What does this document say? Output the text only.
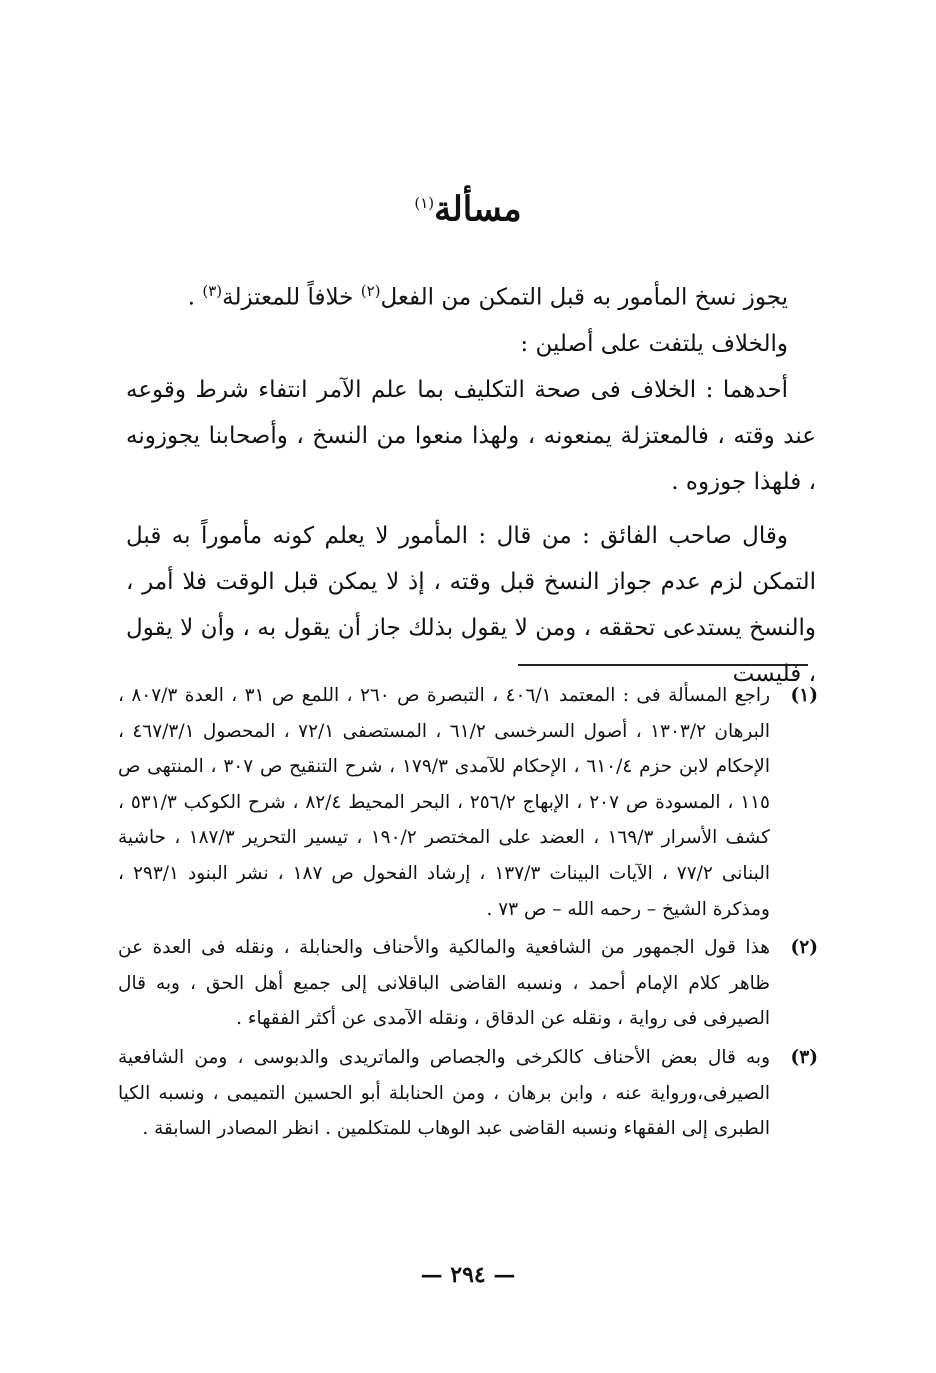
مسألة$^{(١)}$

يجوز نسخ المأمور به قبل التمكن من الفعل$^{(٢)}$ خلافاً للمعتزلة$^{(٣)}$ .

والخلاف يلتفت على أصلين :

أحدهما : الخلاف فى صحة التكليف بما علم الآمر انتفاء شرط وقوعه عند وقته ، فالمعتزلة يمنعونه ، ولهذا منعوا من النسخ ، وأصحابنا يجوزونه ، فلهذا جوزوه .

وقال صاحب الفائق : من قال : المأمور لا يعلم كونه مأموراً به قبل التمكن لزم عدم جواز النسخ قبل وقته ، إذ لا يمكن قبل الوقت فلا أمر ، والنسخ يستدعى تحققه ، ومن لا يقول بذلك جاز أن يقول به ، وأن لا يقول ، فليست

(١)
راجع المسألة فى : المعتمد ٤٠٦/١ ، التبصرة ص ٢٦٠ ، اللمع ص ٣١ ، العدة ٨٠٧/٣ ، البرهان ١٣٠٣/٢ ، أصول السرخسى ٦١/٢ ، المستصفى ٧٢/١ ، المحصول ٤٦٧/٣/١ ، الإحكام لابن حزم ٦١٠/٤ ، الإحكام للآمدى ١٧٩/٣ ، شرح التنقيح ص ٣٠٧ ، المنتهى ص ١١٥ ، المسودة ص ٢٠٧ ، الإبهاج ٢٥٦/٢ ، البحر المحيط ٨٢/٤ ، شرح الكوكب ٥٣١/٣ ، كشف الأسرار ١٦٩/٣ ، العضد على المختصر ١٩٠/٢ ، تيسير التحرير ١٨٧/٣ ، حاشية البنانى ٧٧/٢ ، الآيات البينات ١٣٧/٣ ، إرشاد الفحول ص ١٨٧ ، نشر البنود ٢٩٣/١ ، ومذكرة الشيخ – رحمه الله – ص ٧٣ .
(٢)
هذا قول الجمهور من الشافعية والمالكية والأحناف والحنابلة ، ونقله فى العدة عن ظاهر كلام الإمام أحمد ، ونسبه القاضى الباقلانى إلى جميع أهل الحق ، وبه قال الصيرفى فى رواية ، ونقله عن الدقاق ، ونقله الآمدى عن أكثر الفقهاء .
(٣)
وبه قال بعض الأحناف كالكرخى والجصاص والماتريدى والدبوسى ، ومن الشافعية الصيرفى،ورواية عنه ، وابن برهان ، ومن الحنابلة أبو الحسين التميمى ، ونسبه الكيا الطبرى إلى الفقهاء ونسبه القاضى عبد الوهاب للمتكلمين . انظر المصادر السابقة .
— ٢٩٤ —
